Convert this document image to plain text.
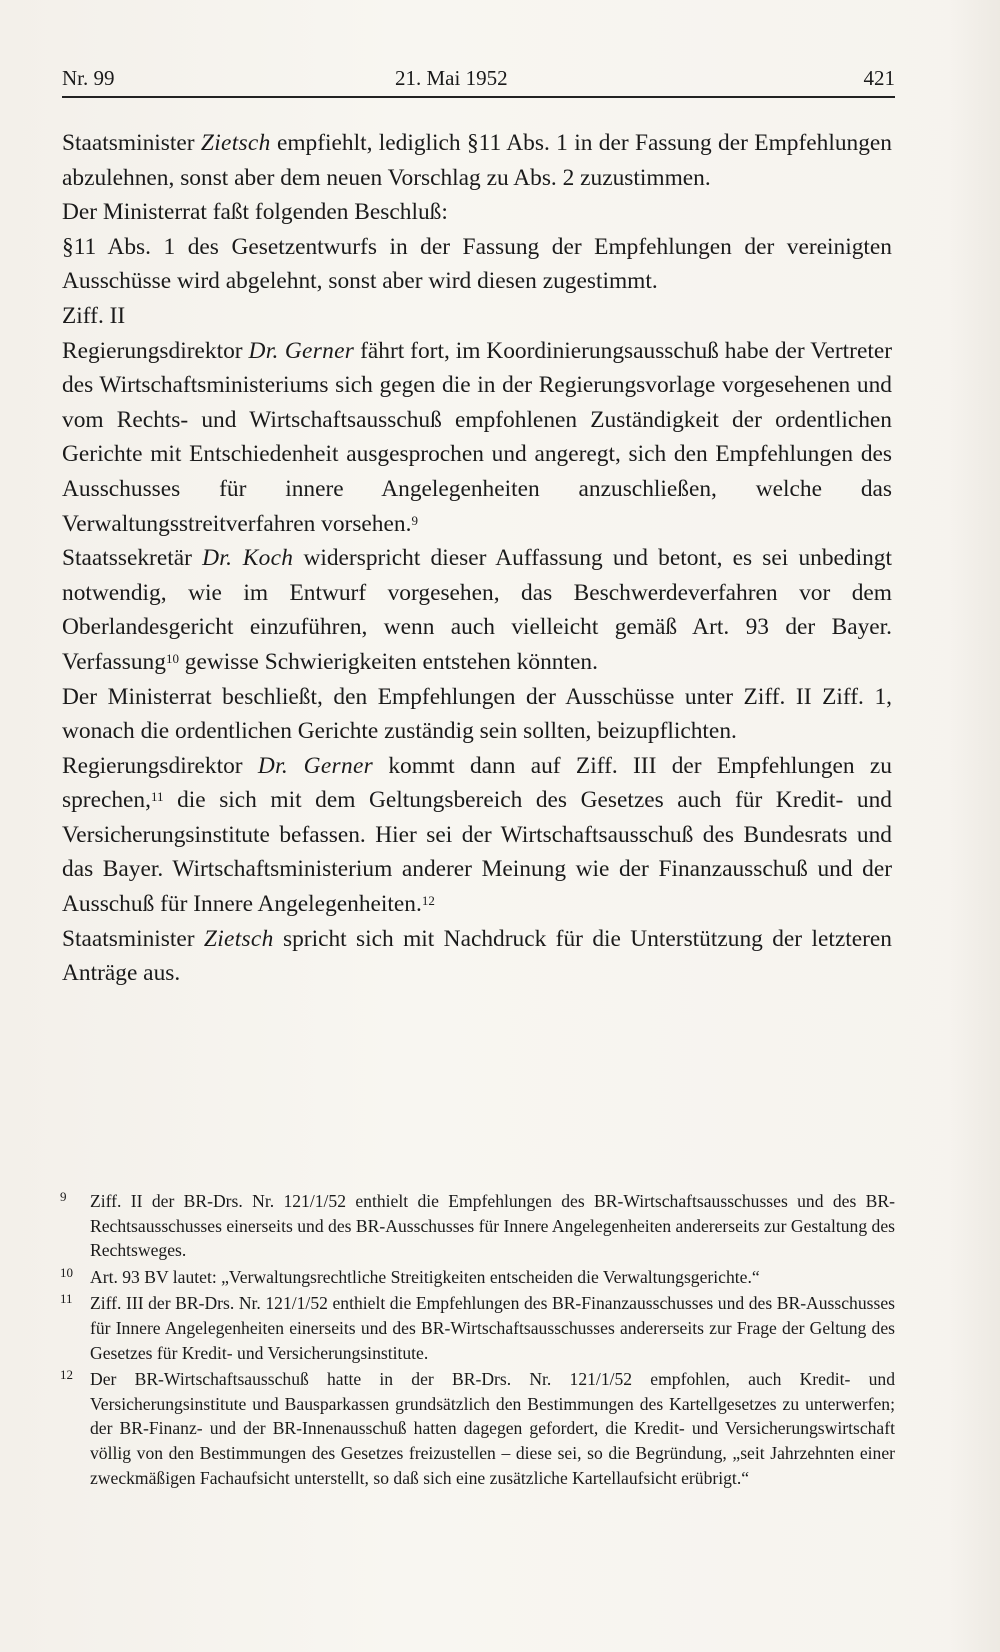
Nr. 99	21. Mai 1952	421

Staatsminister Zietsch empfiehlt, lediglich §11 Abs. 1 in der Fassung der Empfehlungen abzulehnen, sonst aber dem neuen Vorschlag zu Abs. 2 zuzustimmen.

Der Ministerrat faßt folgenden Beschluß:

§11 Abs. 1 des Gesetzentwurfs in der Fassung der Empfehlungen der vereinigten Ausschüsse wird abgelehnt, sonst aber wird diesen zugestimmt.

Ziff. II

Regierungsdirektor Dr. Gerner fährt fort, im Koordinierungsausschuß habe der Vertreter des Wirtschaftsministeriums sich gegen die in der Regierungsvorlage vorgesehenen und vom Rechts- und Wirtschaftsausschuß empfohlenen Zuständigkeit der ordentlichen Gerichte mit Entschiedenheit ausgesprochen und angeregt, sich den Empfehlungen des Ausschusses für innere Angelegenheiten anzuschließen, welche das Verwaltungsstreitverfahren vorsehen.$^9$

Staatssekretär Dr. Koch widerspricht dieser Auffassung und betont, es sei unbedingt notwendig, wie im Entwurf vorgesehen, das Beschwerdeverfahren vor dem Oberlandesgericht einzuführen, wenn auch vielleicht gemäß Art. 93 der Bayer. Verfassung$^{10}$ gewisse Schwierigkeiten entstehen könnten.

Der Ministerrat beschließt, den Empfehlungen der Ausschüsse unter Ziff. II Ziff. 1, wonach die ordentlichen Gerichte zuständig sein sollten, beizupflichten.

Regierungsdirektor Dr. Gerner kommt dann auf Ziff. III der Empfehlungen zu sprechen,$^{11}$ die sich mit dem Geltungsbereich des Gesetzes auch für Kredit- und Versicherungsinstitute befassen. Hier sei der Wirtschaftsausschuß des Bundesrats und das Bayer. Wirtschaftsministerium anderer Meinung wie der Finanzausschuß und der Ausschuß für Innere Angelegenheiten.$^{12}$

Staatsminister Zietsch spricht sich mit Nachdruck für die Unterstützung der letzteren Anträge aus.

9 Ziff. II der BR-Drs. Nr. 121/1/52 enthielt die Empfehlungen des BR-Wirtschaftsausschusses und des BR-Rechtsausschusses einerseits und des BR-Ausschusses für Innere Angelegenheiten andererseits zur Gestaltung des Rechtsweges.
10 Art. 93 BV lautet: „Verwaltungsrechtliche Streitigkeiten entscheiden die Verwaltungsgerichte.“
11 Ziff. III der BR-Drs. Nr. 121/1/52 enthielt die Empfehlungen des BR-Finanzausschusses und des BR-Ausschusses für Innere Angelegenheiten einerseits und des BR-Wirtschaftsausschusses andererseits zur Frage der Geltung des Gesetzes für Kredit- und Versicherungsinstitute.
12 Der BR-Wirtschaftsausschuß hatte in der BR-Drs. Nr. 121/1/52 empfohlen, auch Kredit- und Versicherungsinstitute und Bausparkassen grundsätzlich den Bestimmungen des Kartellgesetzes zu unterwerfen; der BR-Finanz- und der BR-Innenausschuß hatten dagegen gefordert, die Kredit- und Versicherungswirtschaft völlig von den Bestimmungen des Gesetzes freizustellen – diese sei, so die Begründung, „seit Jahrzehnten einer zweckmäßigen Fachaufsicht unterstellt, so daß sich eine zusätzliche Kartellaufsicht erübrigt.“
